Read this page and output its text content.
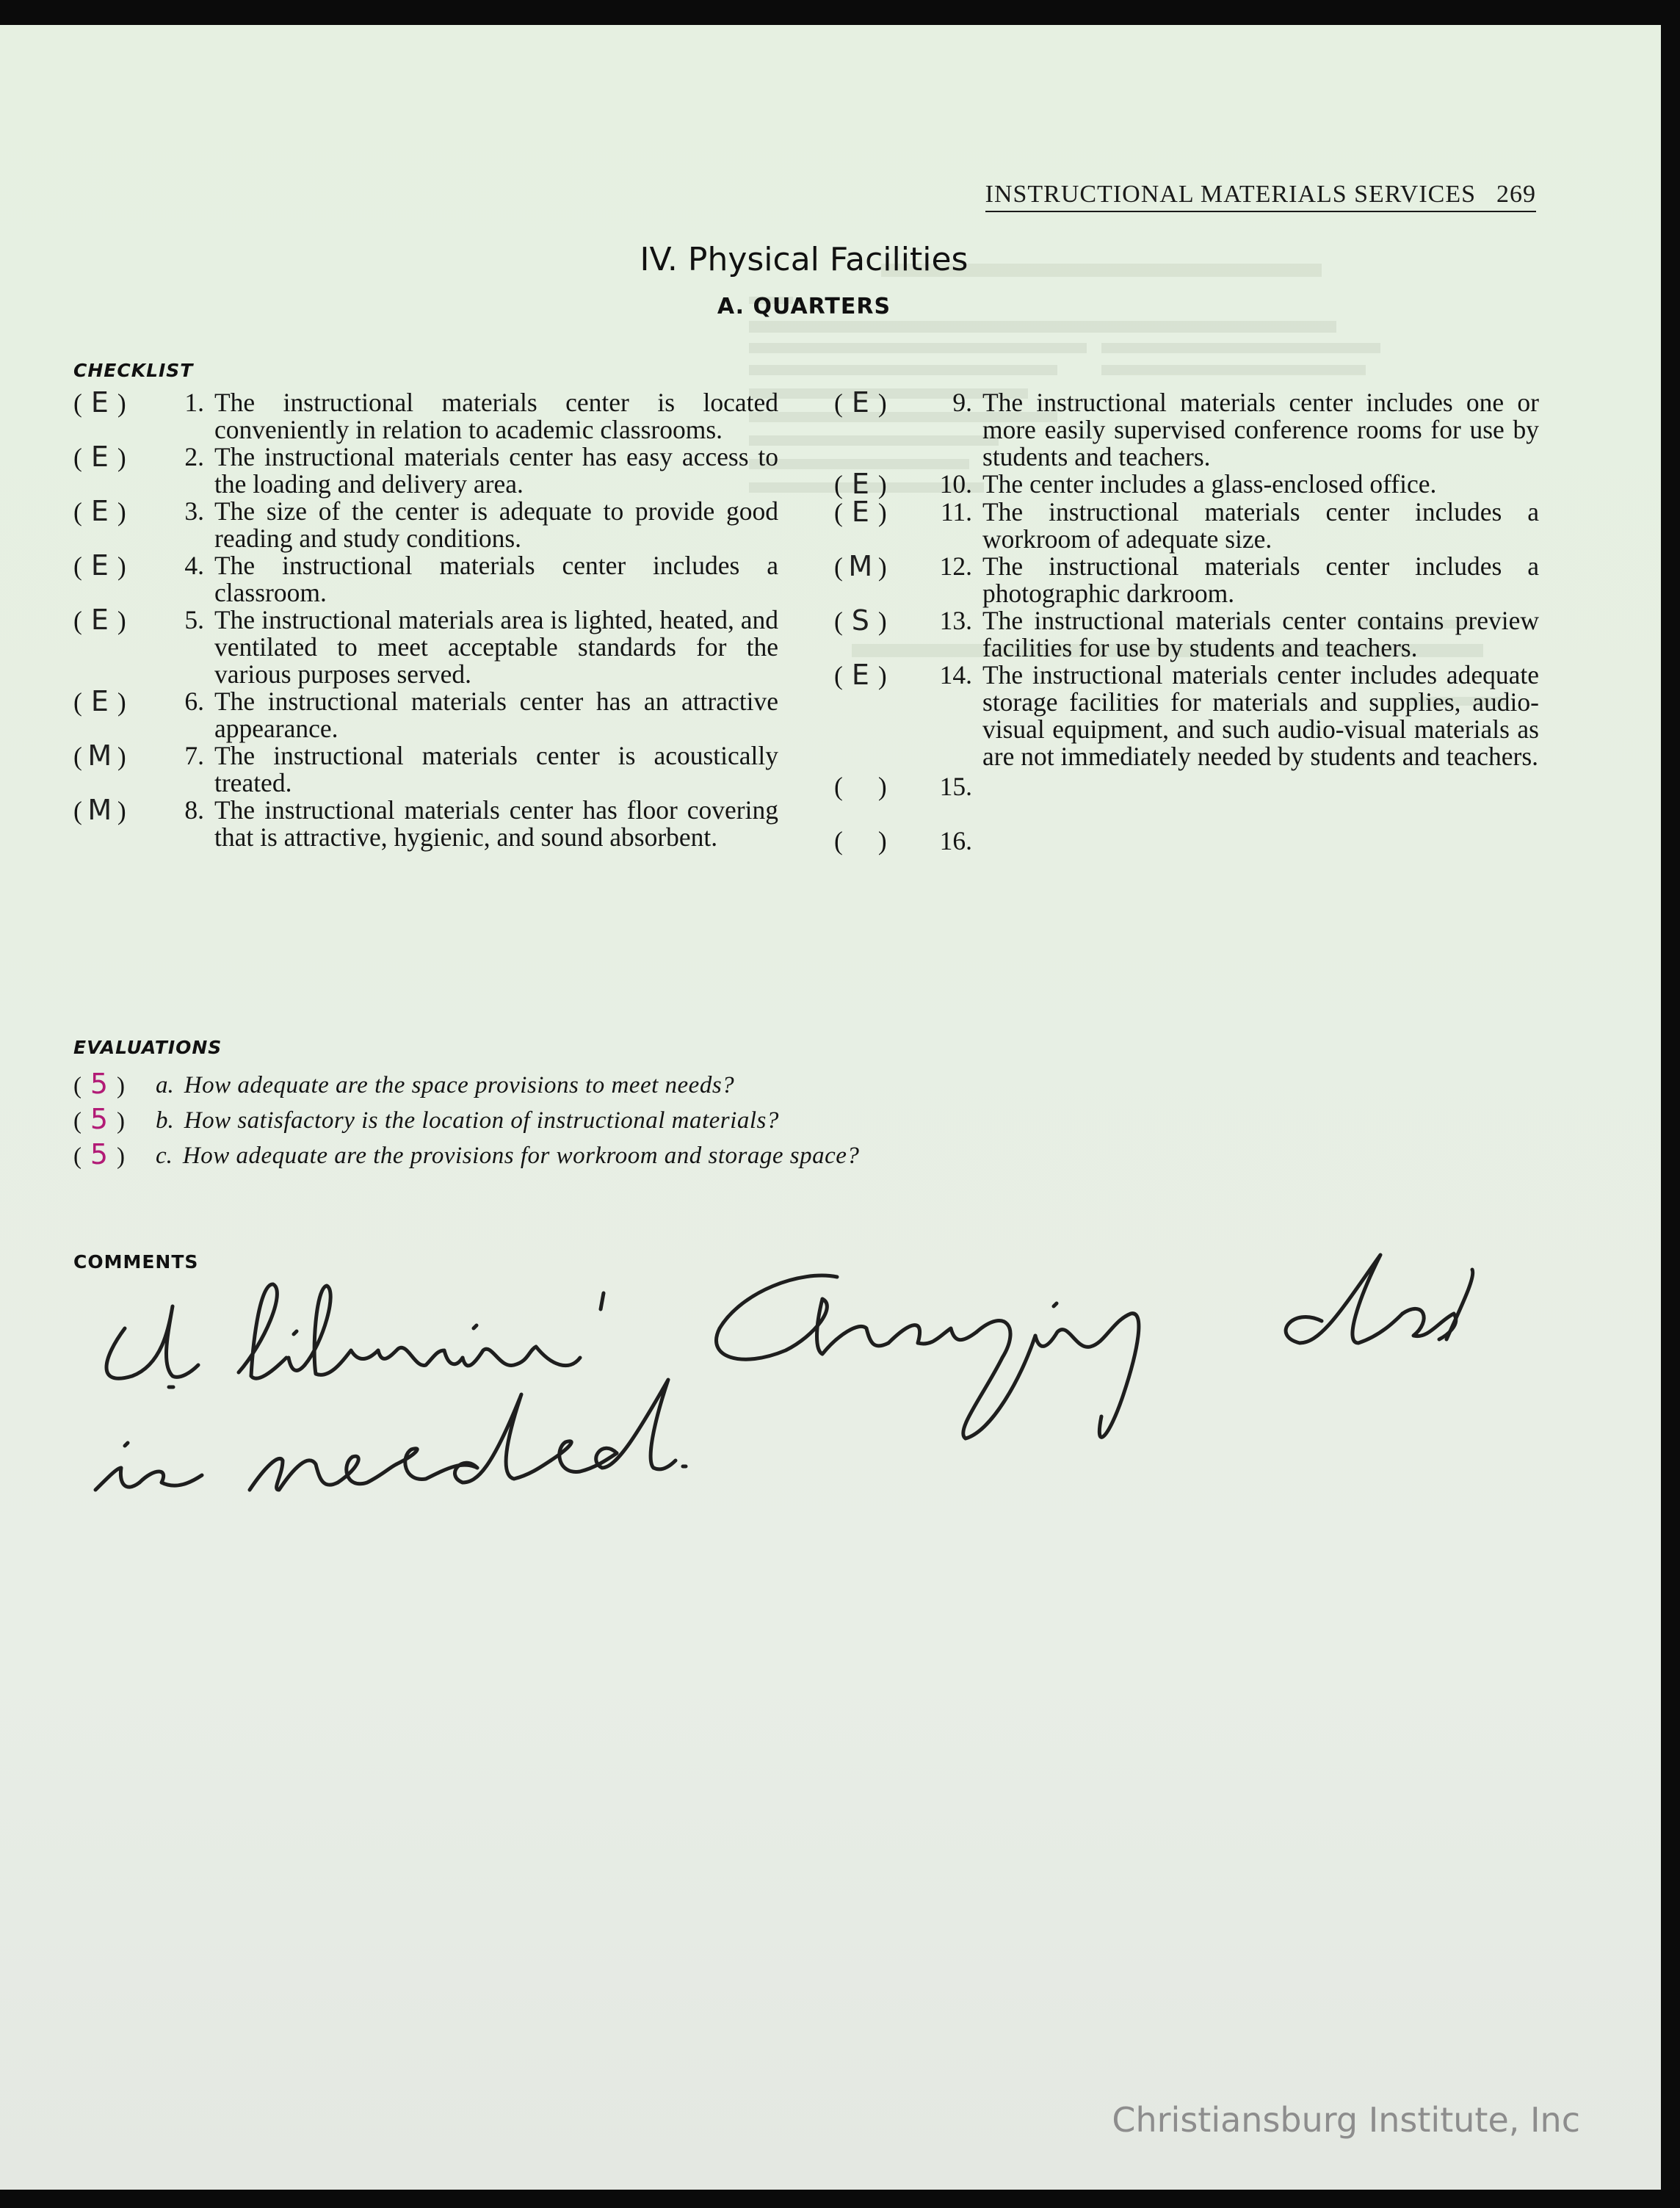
INSTRUCTIONAL MATERIALS SERVICES 269
IV. Physical Facilities
A. QUARTERS
CHECKLIST
( E )	1. The instructional materials center is located conveniently in relation to academic classrooms.
( E )	2. The instructional materials center has easy access to the loading and delivery area.
( E )	3. The size of the center is adequate to provide good reading and study conditions.
( E )	4. The instructional materials center includes a classroom.
( E )	5. The instructional materials area is lighted, heated, and ventilated to meet acceptable standards for the various purposes served.
( E )	6. The instructional materials center has an attractive appearance.
( M )	7. The instructional materials center is acoustically treated.
( M )	8. The instructional materials center has floor covering that is attractive, hygienic, and sound absorbent.
( E )	9. The instructional materials center includes one or more easily supervised conference rooms for use by students and teachers.
( E )	10. The center includes a glass-enclosed office.
( E )	11. The instructional materials center includes a workroom of adequate size.
( M )	12. The instructional materials center includes a photographic darkroom.
( S )	13. The instructional materials center contains preview facilities for use by students and teachers.
( E )	14. The instructional materials center includes adequate storage facilities for materials and supplies, audio-visual equipment, and such audio-visual materials as are not immediately needed by students and teachers.
( )	15.
( )	16.
EVALUATIONS
( 5 )	a. How adequate are the space provisions to meet needs?
( 5 )	b. How satisfactory is the location of instructional materials?
( 5 )	c. How adequate are the provisions for workroom and storage space?
COMMENTS
Christiansburg Institute, Inc
